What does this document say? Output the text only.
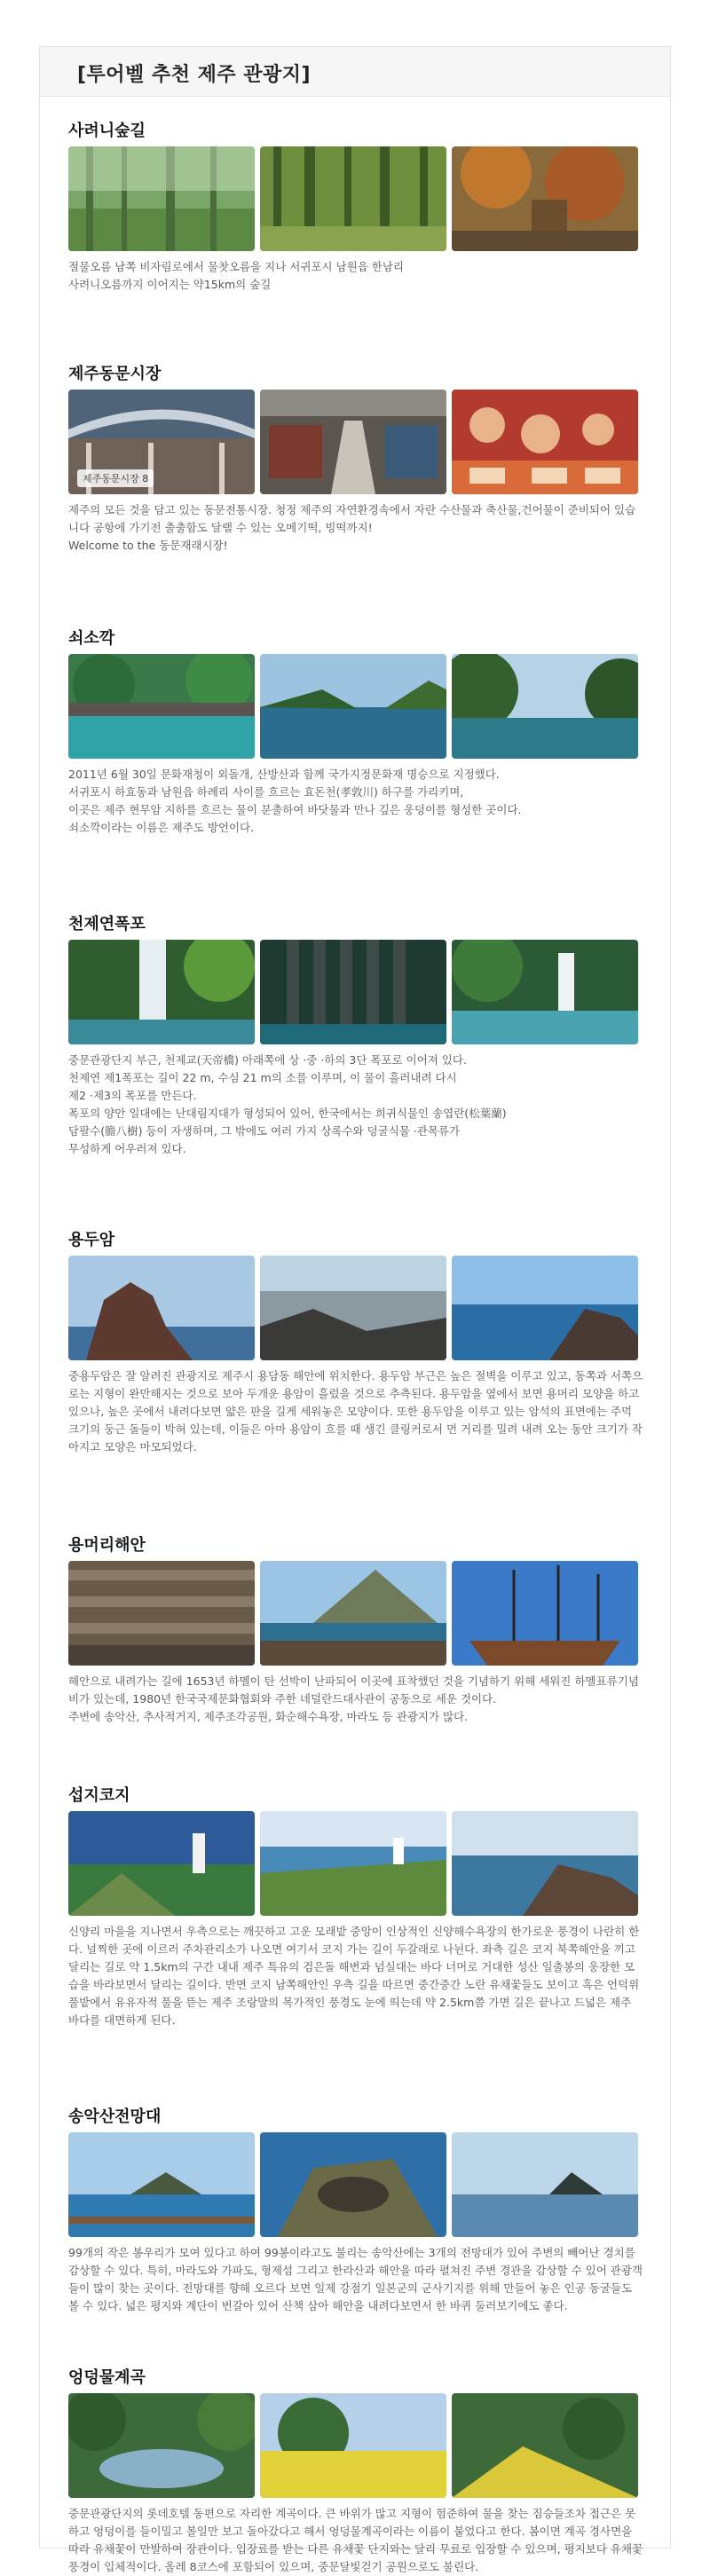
[투어벨 추천 제주 관광지]
사려니숲길

절물오름 남쪽 비자림로에서 물찻오름을 지나 서귀포시 남원읍 한남리
사려니오름까지 이어지는 약15km의 숲길

제주동문시장
제주동문시장 8

제주의 모든 것을 담고 있는 동문전통시장. 청정 제주의 자연환경속에서 자란 수산물과 축산물,건어물이 준비되어 있습니다 공항에 가기전 출출함도 달랠 수 있는 오메기떡, 빙떡까지!
Welcome to the 동문재래시장!

쇠소깍

2011년 6월 30일 문화재청이 외돌개, 산방산과 함께 국가지정문화재 명승으로 지정했다.
서귀포시 하효동과 남원읍 하례리 사이를 흐르는 효돈천(孝敦川) 하구를 가리키며,
이곳은 제주 현무암 지하를 흐르는 물이 분출하여 바닷물과 만나 깊은 웅덩이를 형성한 곳이다.
쇠소깍이라는 이름은 제주도 방언이다.

천제연폭포

중문관광단지 부근, 천제교(天帝橋) 아래쪽에 상 ·중 ·하의 3단 폭포로 이어져 있다.
천제연 제1폭포는 길이 22 m, 수심 21 m의 소를 이루며, 이 물이 흘러내려 다시
제2 ·제3의 폭포를 만든다.
폭포의 양안 일대에는 난대림지대가 형성되어 있어, 한국에서는 희귀식물인 송엽란(松葉蘭)
담팔수(膽八樹) 등이 자생하며, 그 밖에도 여러 가지 상록수와 덩굴식물 ·관목류가
무성하게 어우러져 있다.

용두암

중용두암은 잘 알려진 관광지로 제주시 용담동 해안에 위치한다. 용두암 부근은 높은 절벽을 이루고 있고, 동쪽과 서쪽으로는 지형이 완만해지는 것으로 보아 두개운 용암이 흘렀을 것으로 추측된다. 용두암을 옆에서 보면 용머리 모양을 하고 있으나, 높은 곳에서 내려다보면 얇은 판을 길게 세워놓은 모양이다. 또한 용두암을 이루고 있는 암석의 표면에는 주먹 크기의 둥근 돌들이 박혀 있는데, 이들은 아마 용암이 흐를 때 생긴 클링커로서 먼 거리를 밀려 내려 오는 동안 크기가 작아지고 모양은 마모되었다.

용머리해안

해안으로 내려가는 길에 1653년 하멜이 탄 선박이 난파되어 이곳에 표착했던 것을 기념하기 위해 세워진 하멜표류기념비가 있는데, 1980년 한국국제문화협회와 주한 네덜란드대사관이 공동으로 세운 것이다.
주변에 송악산, 추사적거지, 제주조각공원, 화순해수욕장, 마라도 등 관광지가 많다.

섭지코지

신양리 마을을 지나면서 우측으로는 깨끗하고 고운 모래밭 중앙이 인상적인 신양해수욕장의 한가로운 풍경이 나란히 한다. 널찍한 곳에 이르러 주차관리소가 나오면 여기서 코지 가는 길이 두갈래로 나뉜다. 좌측 길은 코지 북쪽해안을 끼고 달리는 길로 약 1.5km의 구간 내내 제주 특유의 검은돌 해변과 넘실대는 바다 너머로 거대한 성산 일출봉의 웅장한 모습을 바라보면서 달리는 길이다. 반면 코지 남쪽해안인 우측 길을 따르면 중간중간 노란 유채꽃들도 보이고 혹은 언덕위 풀밭에서 유유자적 풀을 뜯는 제주 조랑말의 목가적인 풍경도 눈에 띄는데 약 2.5km쯤 가면 길은 끝나고 드넓은 제주 바다를 대면하게 된다.

송악산전망대

99개의 작은 봉우리가 모여 있다고 하여 99봉이라고도 불리는 송악산에는 3개의 전망대가 있어 주변의 빼어난 경치를 감상할 수 있다. 특히, 마라도와 가파도, 형제섬 그리고 한라산과 해안을 따라 펼쳐진 주변 경관을 감상할 수 있어 관광객들이 많이 찾는 곳이다. 전망대를 향해 오르다 보면 일제 강점기 일본군의 군사기지를 위해 만들어 놓은 인공 동굴들도 볼 수 있다. 넓은 평지와 계단이 번갈아 있어 산책 삼아 해안을 내려다보면서 한 바퀴 둘러보기에도 좋다.

엉덩물계곡

중문관광단지의 롯데호텔 동편으로 자리한 계곡이다. 큰 바위가 많고 지형이 험준하여 물을 찾는 짐승들조차 접근은 못하고 엉덩이를 들이밀고 볼일만 보고 돌아갔다고 해서 엉덩물계곡이라는 이름이 붙었다고 한다. 봄이면 계곡 경사면을 따라 유채꽃이 만발하여 장관이다. 입장료를 받는 다른 유채꽃 단지와는 달리 무료로 입장할 수 있으며, 평지보다 유채꽃 풍경이 입체적이다. 올레 8코스에 포함되어 있으며, 중문달빛걷기 공원으로도 불린다.
